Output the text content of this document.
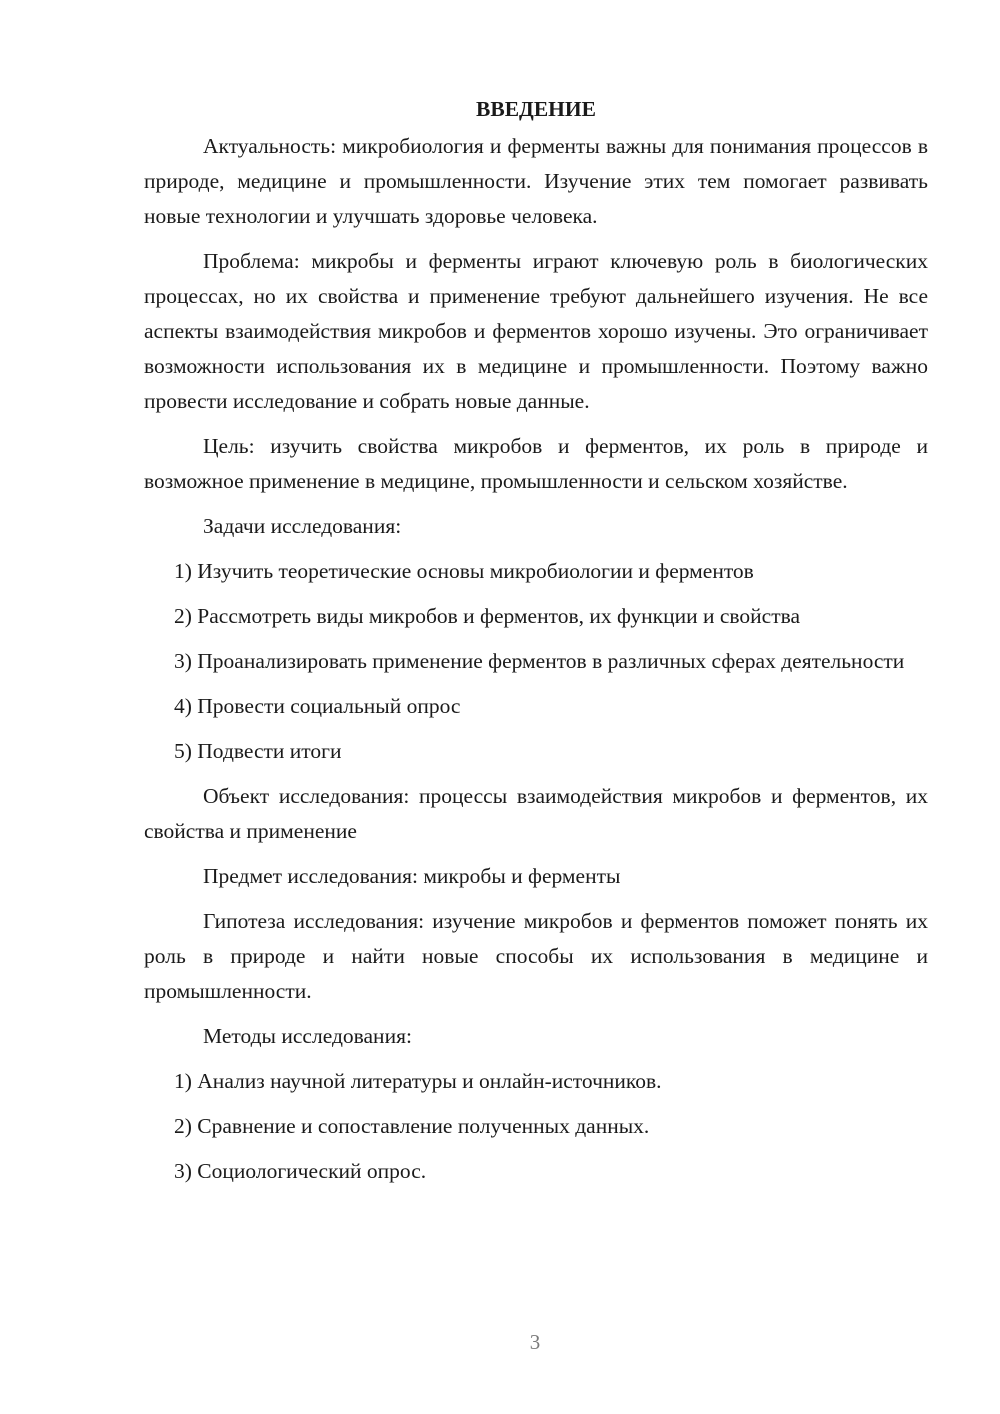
ВВЕДЕНИЕ

Актуальность: микробиология и ферменты важны для понимания процессов в природе, медицине и промышленности. Изучение этих тем помогает развивать новые технологии и улучшать здоровье человека.

Проблема: микробы и ферменты играют ключевую роль в биологических процессах, но их свойства и применение требуют дальнейшего изучения. Не все аспекты взаимодействия микробов и ферментов хорошо изучены. Это ограничивает возможности использования их в медицине и промышленности. Поэтому важно провести исследование и собрать новые данные.

Цель: изучить свойства микробов и ферментов, их роль в природе и возможное применение в медицине, промышленности и сельском хозяйстве.

Задачи исследования:

1) Изучить теоретические основы микробиологии и ферментов

2) Рассмотреть виды микробов и ферментов, их функции и свойства

3) Проанализировать применение ферментов в различных сферах деятельности

4) Провести социальный опрос

5) Подвести итоги

Объект исследования: процессы взаимодействия микробов и ферментов, их свойства и применение

Предмет исследования: микробы и ферменты

Гипотеза исследования: изучение микробов и ферментов поможет понять их роль в природе и найти новые способы их использования в медицине и промышленности.

Методы исследования:

1) Анализ научной литературы и онлайн-источников.

2) Сравнение и сопоставление полученных данных.

3) Социологический опрос.

3
